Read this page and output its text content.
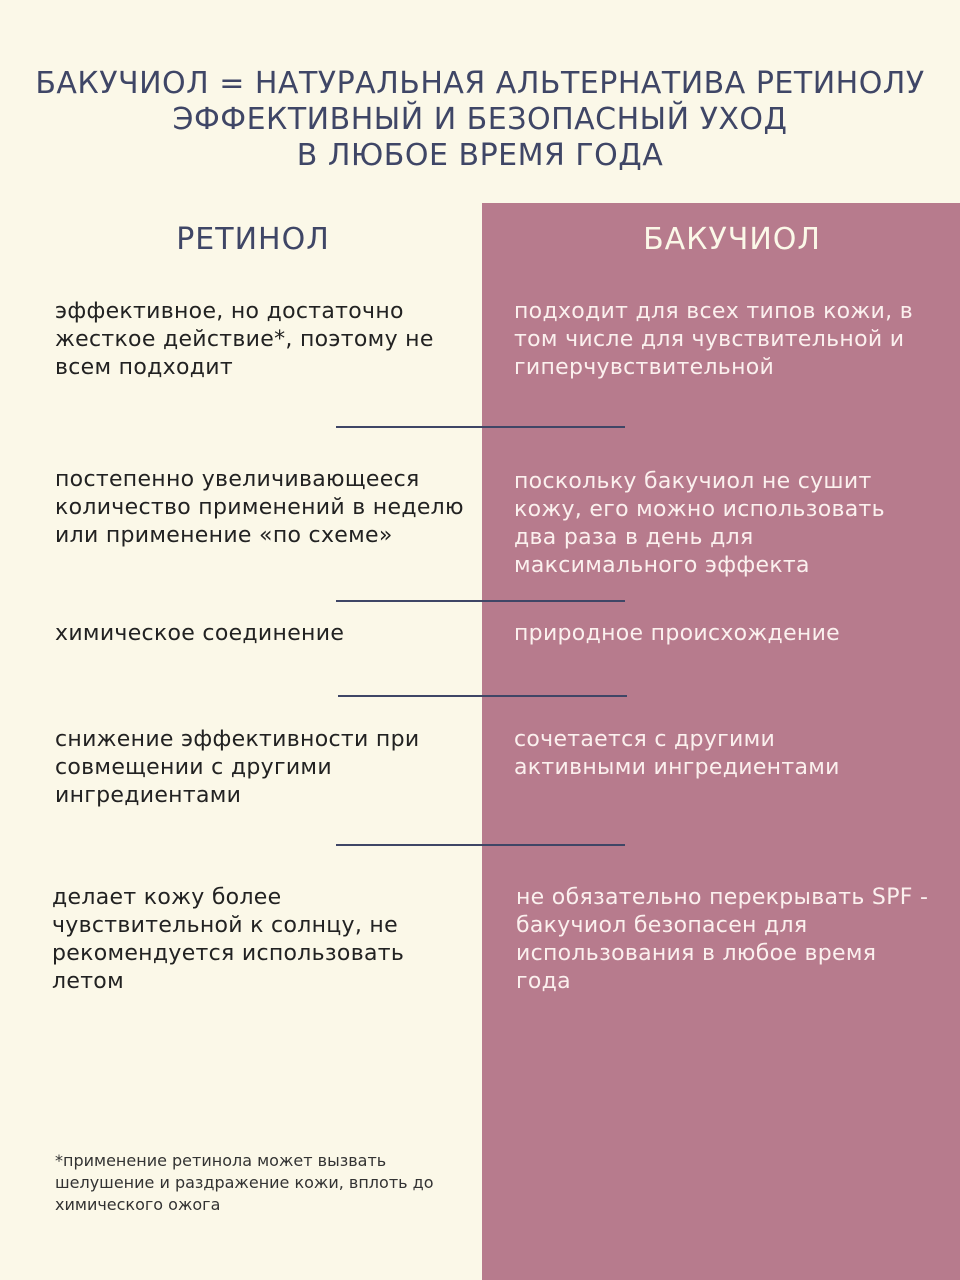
БАКУЧИОЛ = НАТУРАЛЬНАЯ АЛЬТЕРНАТИВА РЕТИНОЛУ
ЭФФЕКТИВНЫЙ И БЕЗОПАСНЫЙ УХОД
В ЛЮБОЕ ВРЕМЯ ГОДА
РЕТИНОЛ	БАКУЧИОЛ
эффективное, но достаточно жесткое действие*, поэтому не всем подходит
подходит для всех типов кожи, в том числе для чувствительной и гиперчувствительной
постепенно увеличивающееся количество применений в неделю или применение «по схеме»
поскольку бакучиол не сушит кожу, его можно использовать два раза в день для максимального эффекта
химическое соединение	природное происхождение
снижение эффективности при совмещении с другими ингредиентами
сочетается с другими активными ингредиентами
делает кожу более чувствительной к солнцу, не рекомендуется использовать летом
не обязательно перекрывать SPF - бакучиол безопасен для использования в любое время года
*применение ретинола может вызвать шелушение и раздражение кожи, вплоть до химического ожога
